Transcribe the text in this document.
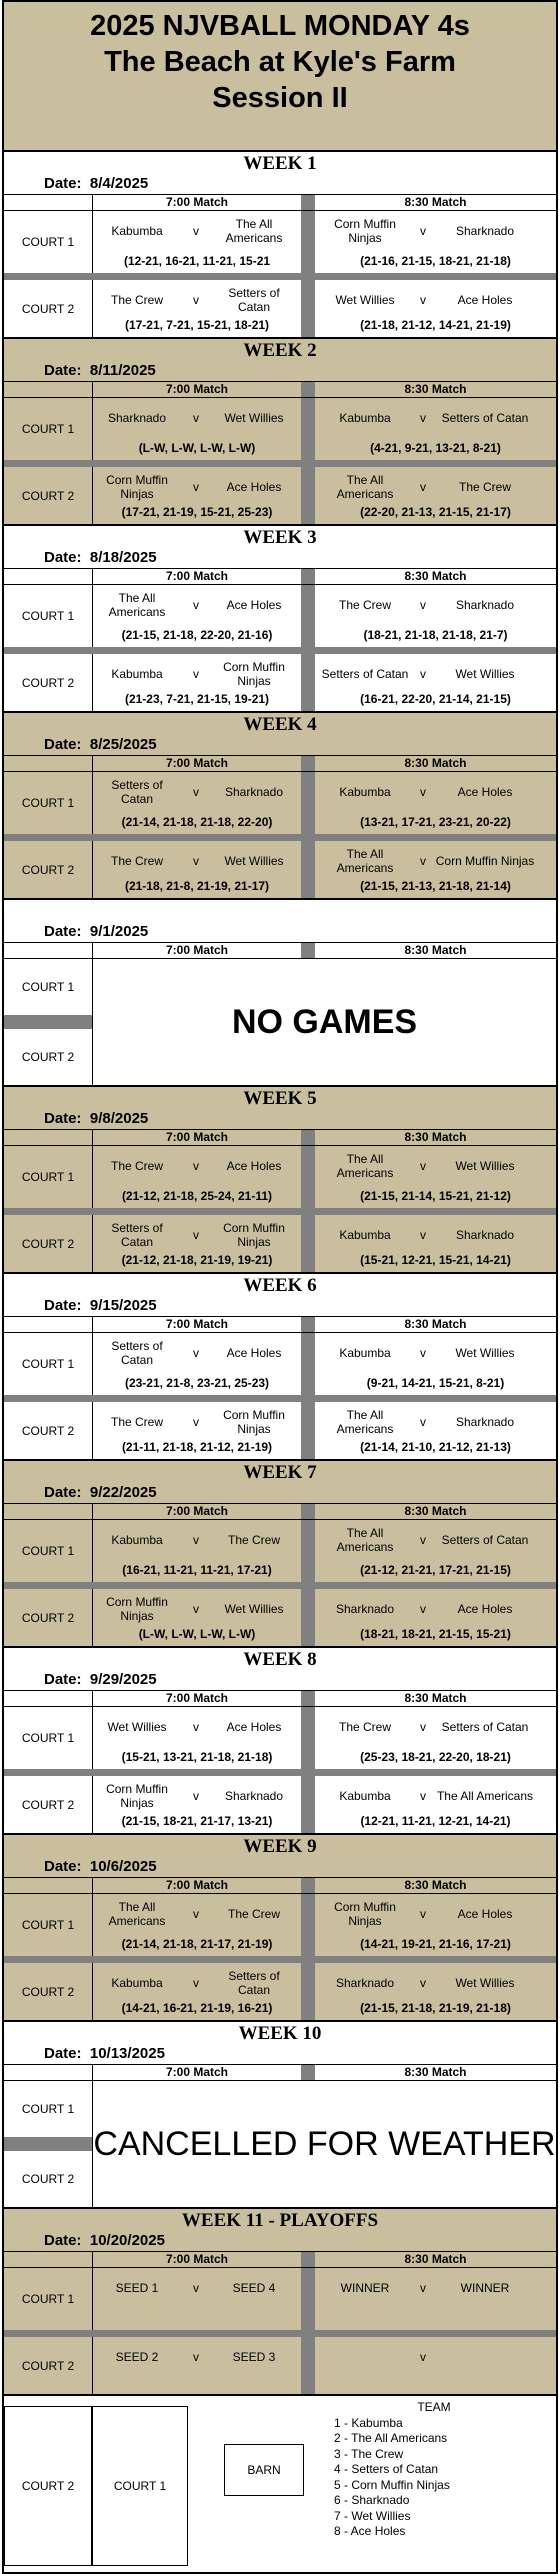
2025 NJVBALL MONDAY 4s
The Beach at Kyle's Farm
Session II
WEEK 1
Date: 8/4/2025
7:00 Match	8:30 Match
COURT 1
Kabumba	v	The All Americans
(12-21, 16-21, 11-21, 15-21
Corn Muffin Ninjas	v	Sharknado
(21-16, 21-15, 18-21, 21-18)
COURT 2
The Crew	v	Setters of Catan
(17-21, 7-21, 15-21, 18-21)
Wet Willies	v	Ace Holes
(21-18, 21-12, 14-21, 21-19)
WEEK 2
Date: 8/11/2025
7:00 Match	8:30 Match
COURT 1
Sharknado	v	Wet Willies
(L-W, L-W, L-W, L-W)
Kabumba	v	Setters of Catan
(4-21, 9-21, 13-21, 8-21)
COURT 2
Corn Muffin Ninjas	v	Ace Holes
(17-21, 21-19, 15-21, 25-23)
The All Americans	v	The Crew
(22-20, 21-13, 21-15, 21-17)
WEEK 3
Date: 8/18/2025
7:00 Match	8:30 Match
COURT 1
The All Americans	v	Ace Holes
(21-15, 21-18, 22-20, 21-16)
The Crew	v	Sharknado
(18-21, 21-18, 21-18, 21-7)
COURT 2
Kabumba	v	Corn Muffin Ninjas
(21-23, 7-21, 21-15, 19-21)
Setters of Catan v	Wet Willies
(16-21, 22-20, 21-14, 21-15)
WEEK 4
Date: 8/25/2025
7:00 Match	8:30 Match
COURT 1
Setters of Catan	v	Sharknado
(21-14, 21-18, 21-18, 22-20)
Kabumba	v	Ace Holes
(13-21, 17-21, 23-21, 20-22)
COURT 2
The Crew	v	Wet Willies
(21-18, 21-8, 21-19, 21-17)
The All Americans	v Corn Muffin Ninjas
(21-15, 21-13, 21-18, 21-14)
Date: 9/1/2025
7:00 Match	8:30 Match
COURT 1
COURT 2
NO GAMES
WEEK 5
Date: 9/8/2025
7:00 Match	8:30 Match
COURT 1
The Crew	v	Ace Holes
(21-12, 21-18, 25-24, 21-11)
The All Americans	v	Wet Willies
(21-15, 21-14, 15-21, 21-12)
COURT 2
Setters of Catan	v	Corn Muffin Ninjas
(21-12, 21-18, 21-19, 19-21)
Kabumba	v	Sharknado
(15-21, 12-21, 15-21, 14-21)
WEEK 6
Date: 9/15/2025
7:00 Match	8:30 Match
COURT 1
Setters of Catan	v	Ace Holes
(23-21, 21-8, 23-21, 25-23)
Kabumba	v	Wet Willies
(9-21, 14-21, 15-21, 8-21)
COURT 2
The Crew	v	Corn Muffin Ninjas
(21-11, 21-18, 21-12, 21-19)
The All Americans	v	Sharknado
(21-14, 21-10, 21-12, 21-13)
WEEK 7
Date: 9/22/2025
7:00 Match	8:30 Match
COURT 1
Kabumba	v	The Crew
(16-21, 11-21, 11-21, 17-21)
The All Americans	v	Setters of Catan
(21-12, 21-21, 17-21, 21-15)
COURT 2
Corn Muffin Ninjas	v	Wet Willies
(L-W, L-W, L-W, L-W)
Sharknado	v	Ace Holes
(18-21, 18-21, 21-15, 15-21)
WEEK 8
Date: 9/29/2025
7:00 Match	8:30 Match
COURT 1
Wet Willies	v	Ace Holes
(15-21, 13-21, 21-18, 21-18)
The Crew	v	Setters of Catan
(25-23, 18-21, 22-20, 18-21)
COURT 2
Corn Muffin Ninjas	v	Sharknado
(21-15, 18-21, 21-17, 13-21)
Kabumba	v The All Americans
(12-21, 11-21, 12-21, 14-21)
WEEK 9
Date: 10/6/2025
7:00 Match	8:30 Match
COURT 1
The All Americans	v	The Crew
(21-14, 21-18, 21-17, 21-19)
Corn Muffin Ninjas	v	Ace Holes
(14-21, 19-21, 21-16, 17-21)
COURT 2
Kabumba	v	Setters of Catan
(14-21, 16-21, 21-19, 16-21)
Sharknado	v	Wet Willies
(21-15, 21-18, 21-19, 21-18)
WEEK 10
Date: 10/13/2025
7:00 Match	8:30 Match
COURT 1
COURT 2
CANCELLED FOR WEATHER
WEEK 11 - PLAYOFFS
Date: 10/20/2025
7:00 Match	8:30 Match
COURT 1
SEED 1	v	SEED 4	WINNER	v	WINNER
COURT 2
SEED 2	v	SEED 3	v
COURT 2	COURT 1
BARN
TEAM
1 - Kabumba
2 - The All Americans
3 - The Crew
4 - Setters of Catan
5 - Corn Muffin Ninjas
6 - Sharknado
7 - Wet Willies
8 - Ace Holes
